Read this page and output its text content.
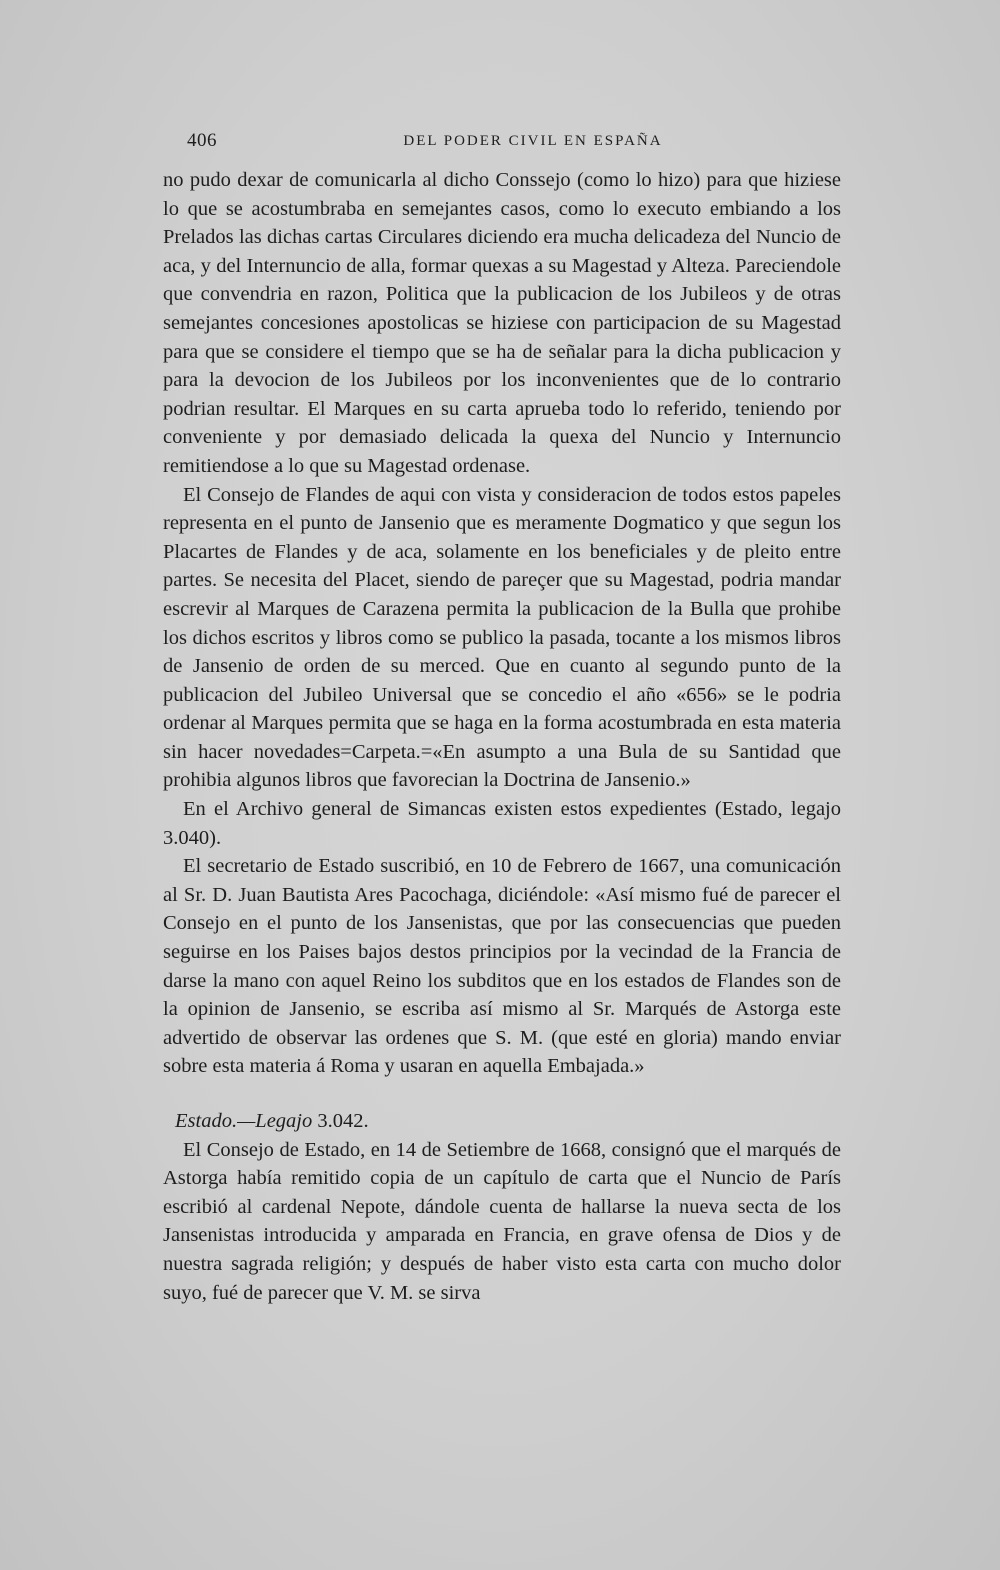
406	DEL PODER CIVIL EN ESPAÑA

no pudo dexar de comunicarla al dicho Conssejo (como lo hizo) para que hiziese lo que se acostumbraba en semejantes casos, como lo executo embiando a los Prelados las dichas cartas Circulares diciendo era mucha delicadeza del Nuncio de aca, y del Internuncio de alla, formar quexas a su Magestad y Alteza. Pareciendole que convendria en razon, Politica que la publicacion de los Jubileos y de otras semejantes concesiones apostolicas se hiziese con participacion de su Magestad para que se considere el tiempo que se ha de señalar para la dicha publicacion y para la devocion de los Jubileos por los inconvenientes que de lo contrario podrian resultar. El Marques en su carta aprueba todo lo referido, teniendo por conveniente y por demasiado delicada la quexa del Nuncio y Internuncio remitiendose a lo que su Magestad ordenase.

El Consejo de Flandes de aqui con vista y consideracion de todos estos papeles representa en el punto de Jansenio que es meramente Dogmatico y que segun los Placartes de Flandes y de aca, solamente en los beneficiales y de pleito entre partes. Se necesita del Placet, siendo de pareçer que su Magestad, podria mandar escrevir al Marques de Carazena permita la publicacion de la Bulla que prohibe los dichos escritos y libros como se publico la pasada, tocante a los mismos libros de Jansenio de orden de su merced. Que en cuanto al segundo punto de la publicacion del Jubileo Universal que se concedio el año «656» se le podria ordenar al Marques permita que se haga en la forma acostumbrada en esta materia sin hacer novedades=Carpeta.=«En asumpto a una Bula de su Santidad que prohibia algunos libros que favorecian la Doctrina de Jansenio.»

En el Archivo general de Simancas existen estos expedientes (Estado, legajo 3.040).

El secretario de Estado suscribió, en 10 de Febrero de 1667, una comunicación al Sr. D. Juan Bautista Ares Pacochaga, diciéndole: «Así mismo fué de parecer el Consejo en el punto de los Jansenistas, que por las consecuencias que pueden seguirse en los Paises bajos destos principios por la vecindad de la Francia de darse la mano con aquel Reino los subditos que en los estados de Flandes son de la opinion de Jansenio, se escriba así mismo al Sr. Marqués de Astorga este advertido de observar las ordenes que S. M. (que esté en gloria) mando enviar sobre esta materia á Roma y usaran en aquella Embajada.»

Estado.—Legajo 3.042.

El Consejo de Estado, en 14 de Setiembre de 1668, consignó que el marqués de Astorga había remitido copia de un capítulo de carta que el Nuncio de París escribió al cardenal Nepote, dándole cuenta de hallarse la nueva secta de los Jansenistas introducida y amparada en Francia, en grave ofensa de Dios y de nuestra sagrada religión; y después de haber visto esta carta con mucho dolor suyo, fué de parecer que V. M. se sirva
